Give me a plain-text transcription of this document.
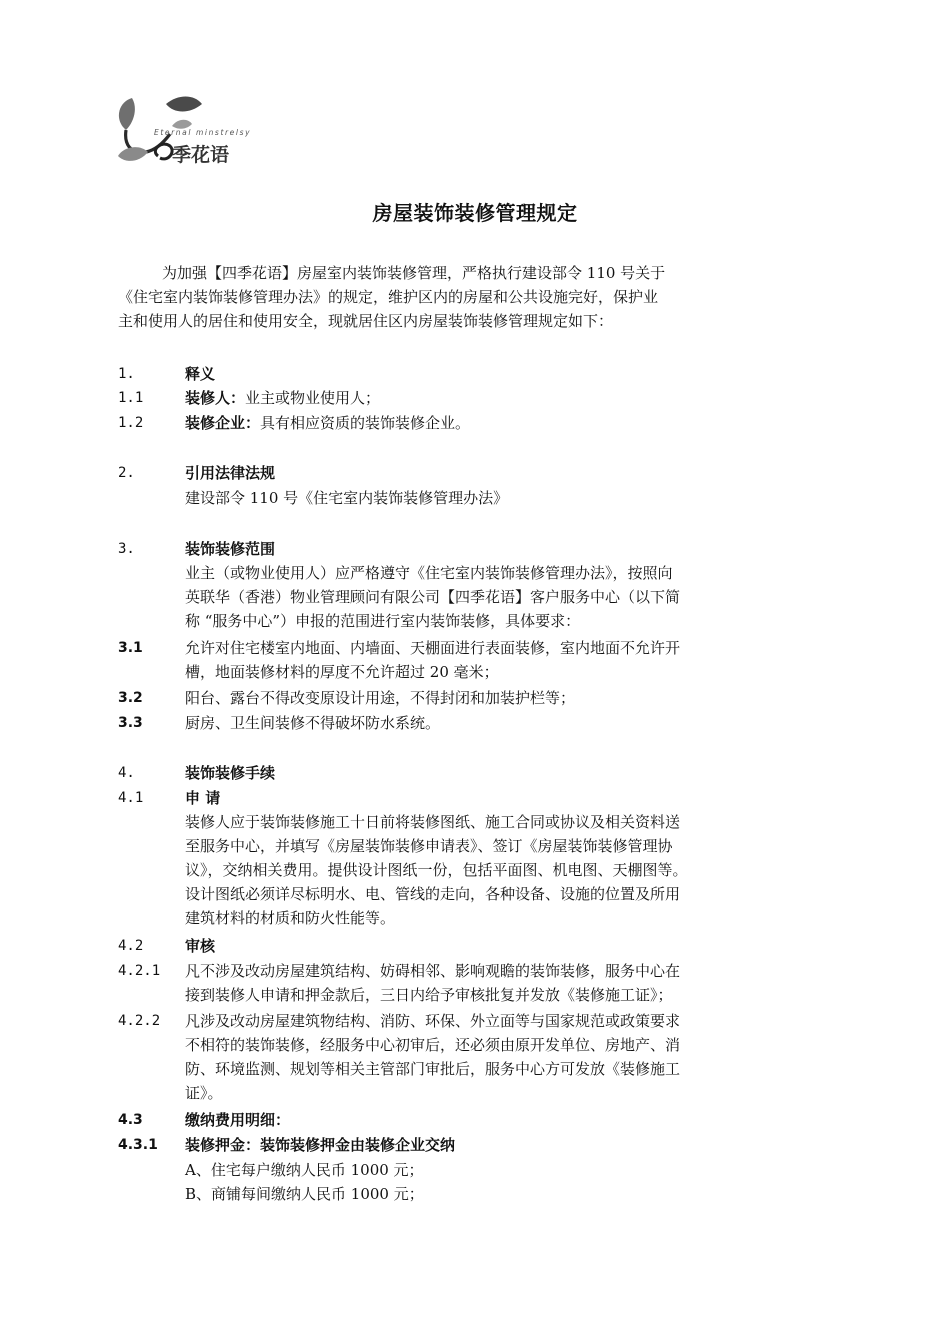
Eternal minstrelsy
季花语
房屋装饰装修管理规定

为加强【四季花语】房屋室内装饰装修管理，严格执行建设部令 110 号关于

《住宅室内装饰装修管理办法》的规定，维护区内的房屋和公共设施完好，保护业

主和使用人的居住和使用安全，现就居住区内房屋装饰装修管理规定如下：

1.	释义
1.1	装修人：业主或物业使用人；
1.2	装修企业：具有相应资质的装饰装修企业。
2.	引用法律法规

建设部令 110 号《住宅室内装饰装修管理办法》

3.	装饰装修范围

业主（或物业使用人）应严格遵守《住宅室内装饰装修管理办法》，按照向

英联华（香港）物业管理顾问有限公司【四季花语】客户服务中心（以下简

称 “服务中心”）申报的范围进行室内装饰装修，具体要求：

3.1	允许对住宅楼室内地面、内墙面、天棚面进行表面装修，室内地面不允许开

槽，地面装修材料的厚度不允许超过 20 毫米；

3.2	阳台、露台不得改变原设计用途，不得封闭和加装护栏等；
3.3	厨房、卫生间装修不得破坏防水系统。
4.	装饰装修手续
4.1	申 请

装修人应于装饰装修施工十日前将装修图纸、施工合同或协议及相关资料送

至服务中心，并填写《房屋装饰装修申请表》、签订《房屋装饰装修管理协

议》，交纳相关费用。提供设计图纸一份，包括平面图、机电图、天棚图等。

设计图纸必须详尽标明水、电、管线的走向，各种设备、设施的位置及所用

建筑材料的材质和防火性能等。

4.2	审核
4.2.1 凡不涉及改动房屋建筑结构、妨碍相邻、影响观瞻的装饰装修，服务中心在

接到装修人申请和押金款后，三日内给予审核批复并发放《装修施工证》；

4.2.2 凡涉及改动房屋建筑物结构、消防、环保、外立面等与国家规范或政策要求

不相符的装饰装修，经服务中心初审后，还必须由原开发单位、房地产、消

防、环境监测、规划等相关主管部门审批后，服务中心方可发放《装修施工

证》。

4.3	缴纳费用明细：
4.3.1 装修押金：装饰装修押金由装修企业交纳

A、住宅每户缴纳人民币 1000 元；

B、商铺每间缴纳人民币 1000 元；
